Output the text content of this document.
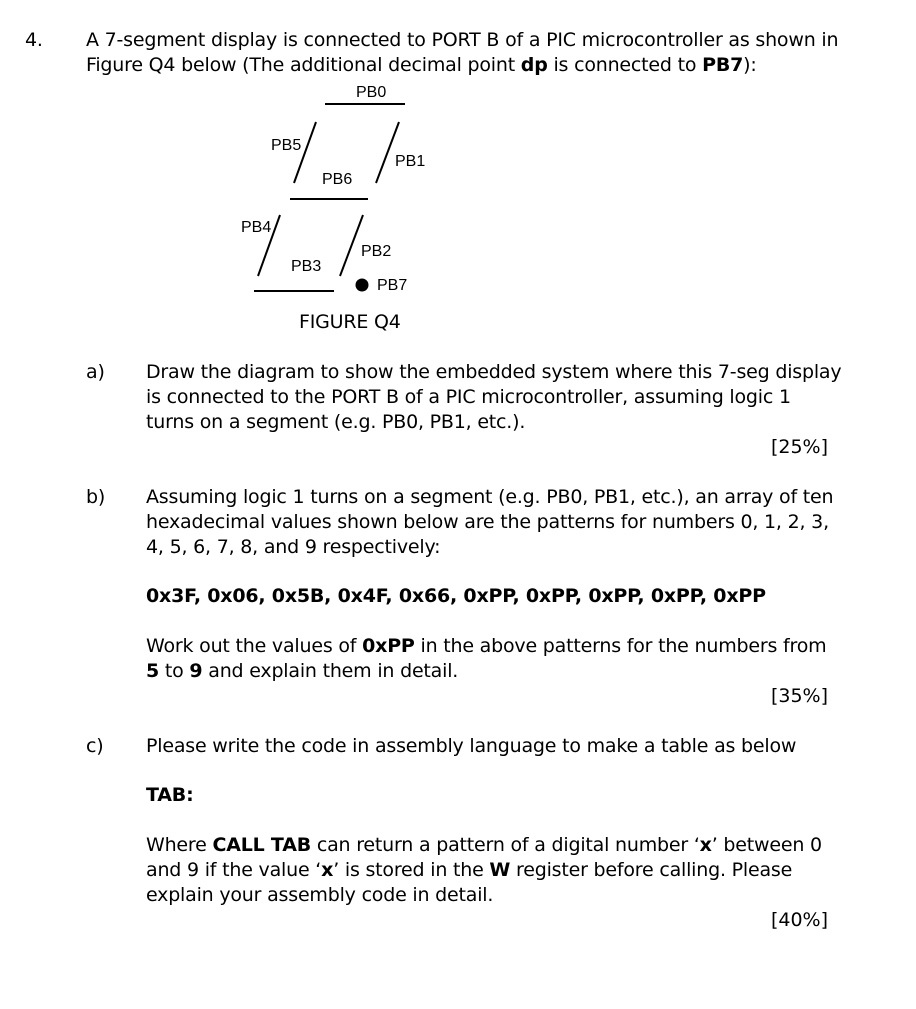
4. A 7-segment display is connected to PORT B of a PIC microcontroller as shown in
Figure Q4 below (The additional decimal point dp is connected to PB7):
PB0
PB5
PB1
PB6
PB4
PB2
PB3
PB7
FIGURE Q4
a) Draw the diagram to show the embedded system where this 7-seg display
is connected to the PORT B of a PIC microcontroller, assuming logic 1
turns on a segment (e.g. PB0, PB1, etc.).
[25%]
b) Assuming logic 1 turns on a segment (e.g. PB0, PB1, etc.), an array of ten
hexadecimal values shown below are the patterns for numbers 0, 1, 2, 3,
4, 5, 6, 7, 8, and 9 respectively:
0x3F, 0x06, 0x5B, 0x4F, 0x66, 0xPP, 0xPP, 0xPP, 0xPP, 0xPP
Work out the values of 0xPP in the above patterns for the numbers from
5 to 9 and explain them in detail.
[35%]
c) Please write the code in assembly language to make a table as below
TAB:
Where CALL TAB can return a pattern of a digital number ‘x’ between 0
and 9 if the value ‘x’ is stored in the W register before calling. Please
explain your assembly code in detail.
[40%]
